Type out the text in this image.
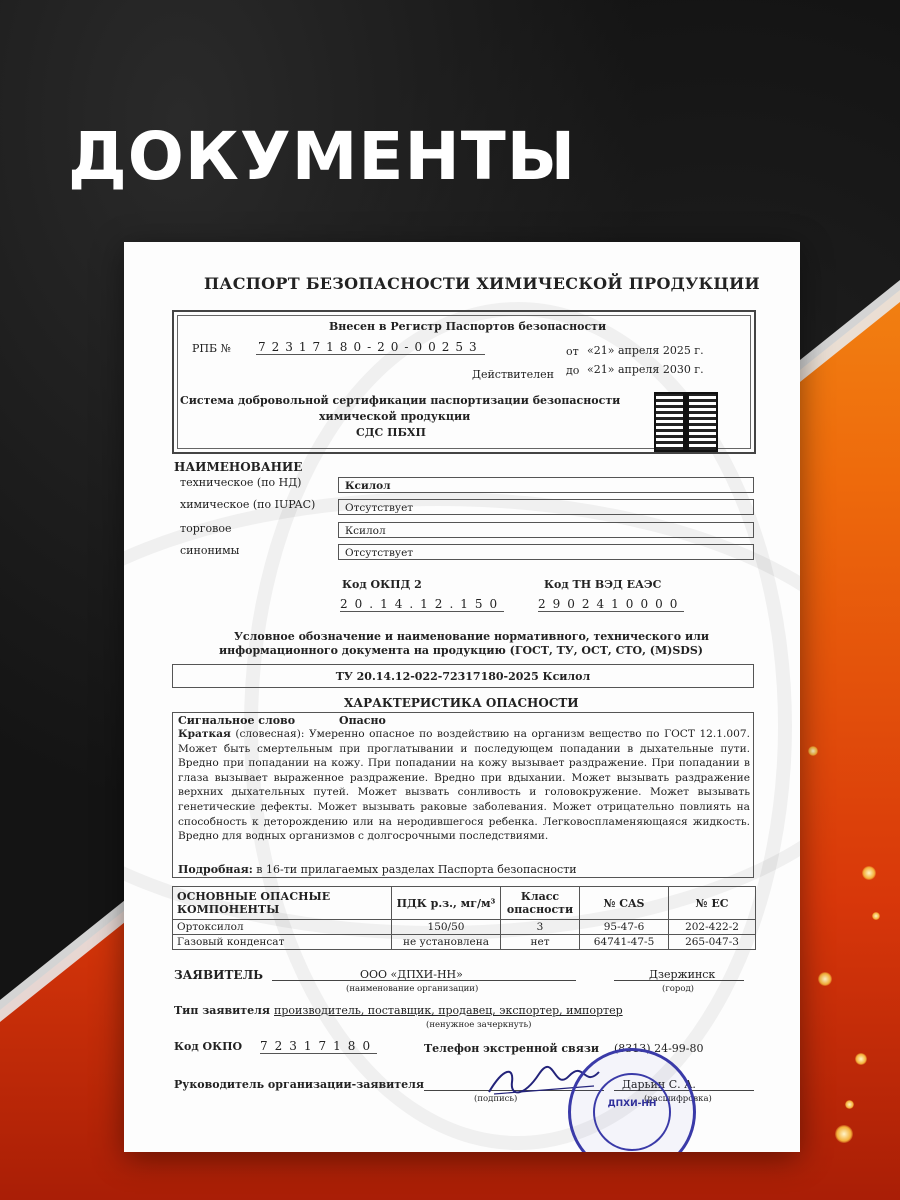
ДОКУМЕНТЫ
ПАСПОРТ БЕЗОПАСНОСТИ ХИМИЧЕСКОЙ ПРОДУКЦИИ
Внесен в Регистр Паспортов безопасности
РПБ № 72317180-20-00253	от «21» апреля 2025 г.
Действителен до «21» апреля 2030 г.
Система добровольной сертификации паспортизации безопасности
химической продукции
СДС ПБХП
НАИМЕНОВАНИЕ
техническое (по НД)	Ксилол
химическое (по IUPAC)	Отсутствует
торговое	Ксилол
синонимы	Отсутствует
Код ОКПД 2
20.14.12.150
Код ТН ВЭД ЕАЭС
2902410000
Условное обозначение и наименование нормативного, технического или
информационного документа на продукцию (ГОСТ, ТУ, ОСТ, СТО, (М)SDS)
ТУ 20.14.12-022-72317180-2025 Ксилол
ХАРАКТЕРИСТИКА ОПАСНОСТИ
Сигнальное слово	Опасно
Краткая (словесная): Умеренно опасное по воздействию на организм вещество по ГОСТ 12.1.007. Может быть смертельным при проглатывании и последующем попадании в дыхательные пути. Вредно при попадании на кожу. При попадании на кожу вызывает раздражение. При попадании в глаза вызывает выраженное раздражение. Вредно при вдыхании. Может вызывать раздражение верхних дыхательных путей. Может вызвать сонливость и головокружение. Может вызывать генетические дефекты. Может вызывать раковые заболевания. Может отрицательно повлиять на способность к деторождению или на неродившегося ребенка. Легковоспламеняющаяся жидкость. Вредно для водных организмов с долгосрочными последствиями.
Подробная: в 16-ти прилагаемых разделах Паспорта безопасности
ОСНОВНЫЕ ОПАСНЫЕ КОМПОНЕНТЫ	ПДК р.з., мг/м³	Класс опасности	№ CAS	№ ЕС
Ортоксилол	150/50	3	95-47-6	202-422-2
Газовый конденсат	не установлена	нет	64741-47-5	265-047-3
ЗАЯВИТЕЛЬ	ООО «ДПХИ-НН»
(наименование организации)
Дзержинск
(город)
Тип заявителя производитель, поставщик, продавец, экспортер, импортер
(ненужное зачеркнуть)
Код ОКПО 72317180	Телефон экстренной связи (8313) 24-99-80
Руководитель организации-заявителя
(подпись)
Дарьин С. А.
(расшифровка)
ДПХИ-НН
